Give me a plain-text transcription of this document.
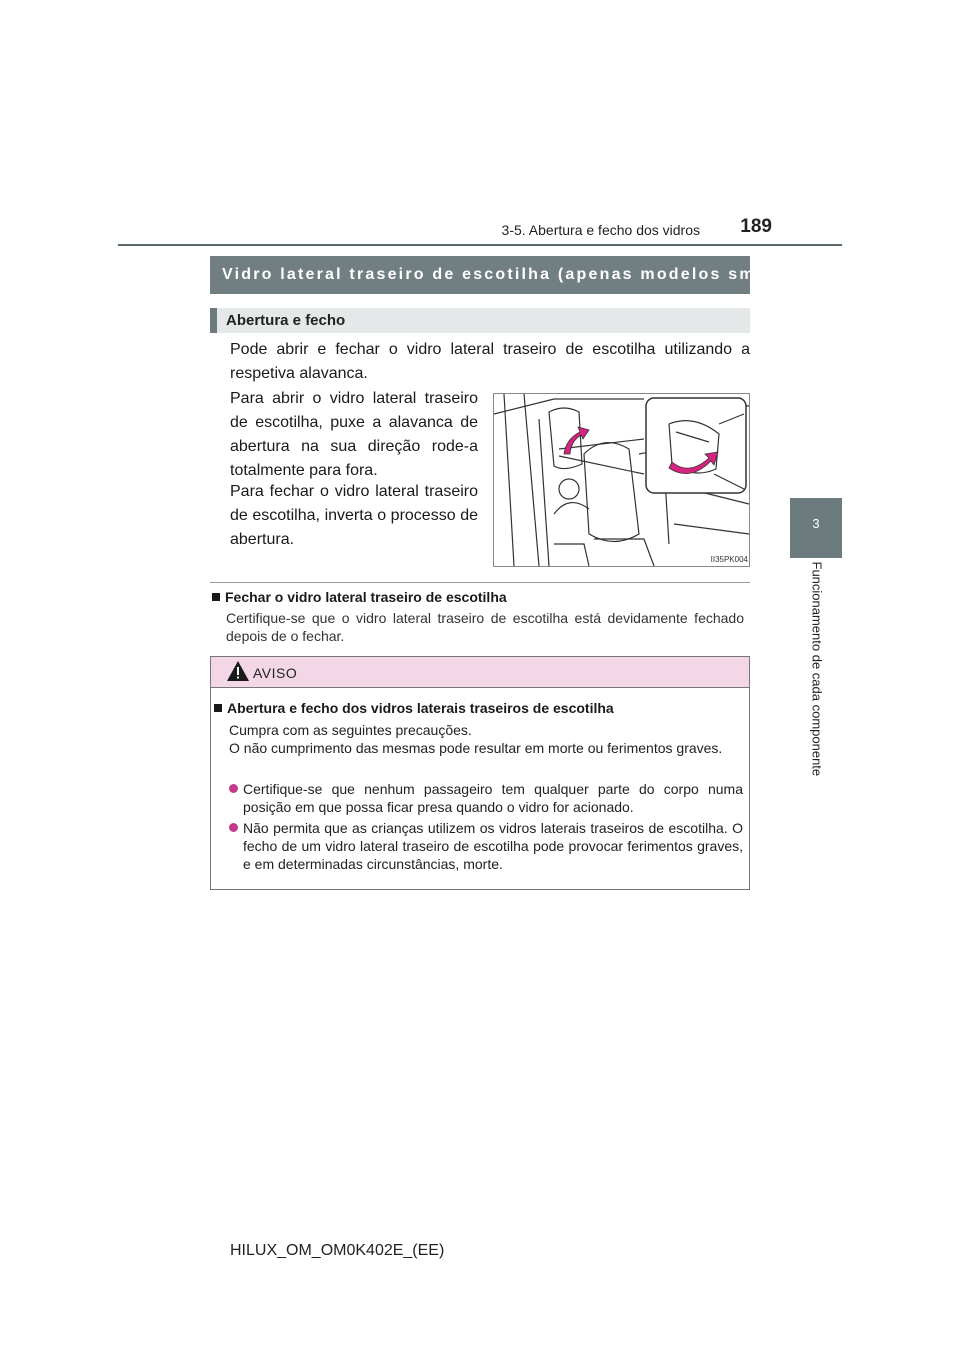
3-5. Abertura e fecho dos vidros	189
3
Funcionamento de cada componente
Vidro lateral traseiro de escotilha (apenas modelos smart-cab)
Abertura e fecho
Pode abrir e fechar o vidro lateral traseiro de escotilha utilizando a respetiva alavanca.
Para abrir o vidro lateral traseiro de escotilha, puxe a alavanca de abertura na sua direção rode-a totalmente para fora.
Para fechar o vidro lateral traseiro de escotilha, inverta o processo de abertura.
II35PK004
Fechar o vidro lateral traseiro de escotilha
Certifique-se que o vidro lateral traseiro de escotilha está devidamente fechado depois de o fechar.
AVISO
Abertura e fecho dos vidros laterais traseiros de escotilha
Cumpra com as seguintes precauções.
O não cumprimento das mesmas pode resultar em morte ou ferimentos graves.
Certifique-se que nenhum passageiro tem qualquer parte do corpo numa posição em que possa ficar presa quando o vidro for acionado.
Não permita que as crianças utilizem os vidros laterais traseiros de escotilha. O fecho de um vidro lateral traseiro de escotilha pode provocar ferimentos graves, e em determinadas circunstâncias, morte.
HILUX_OM_OM0K402E_(EE)
